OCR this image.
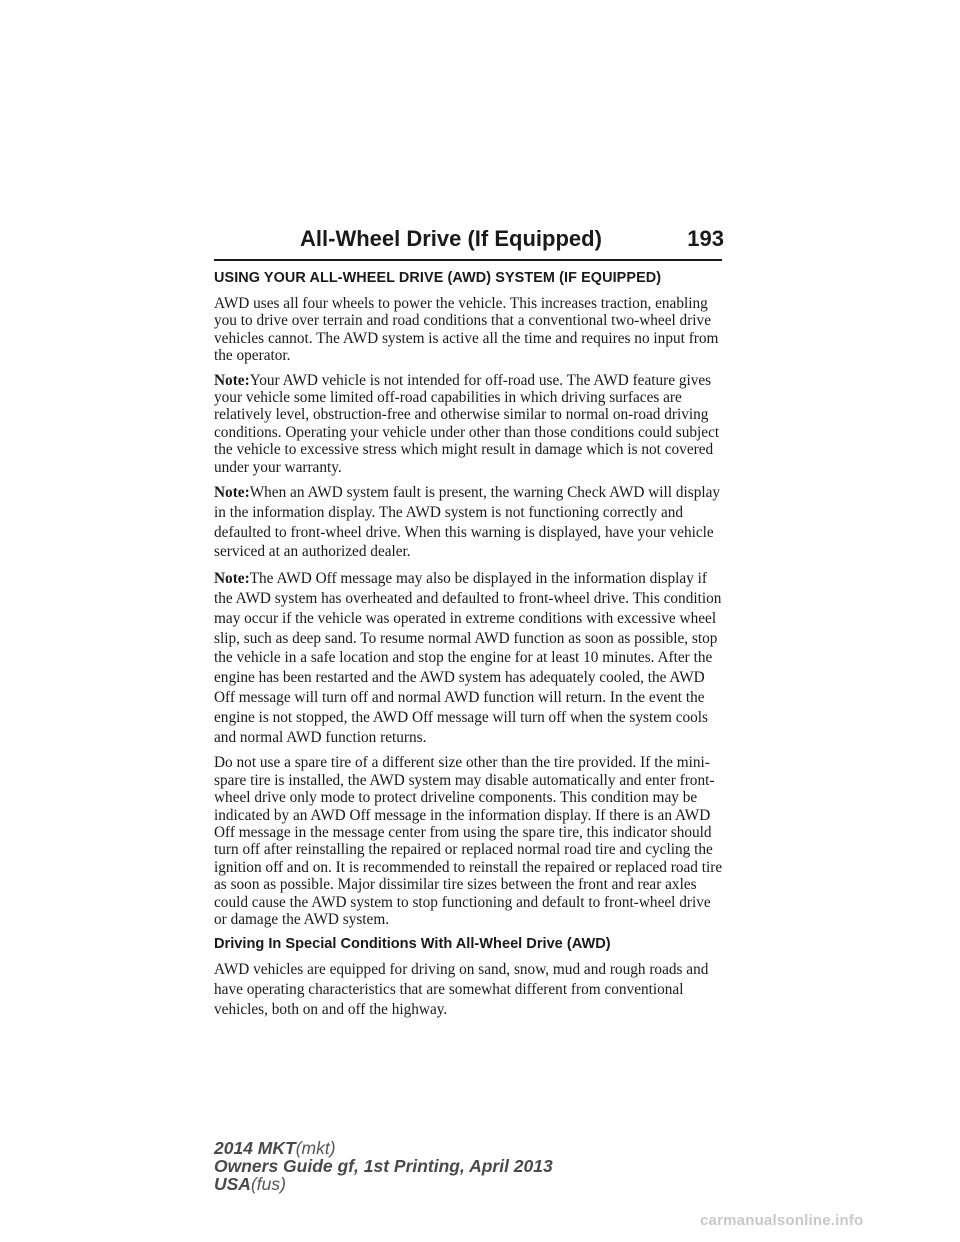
All-Wheel Drive (If Equipped)	193
USING YOUR ALL-WHEEL DRIVE (AWD) SYSTEM (IF EQUIPPED)

AWD uses all four wheels to power the vehicle. This increases traction, enabling you to drive over terrain and road conditions that a conventional two-wheel drive vehicles cannot. The AWD system is active all the time and requires no input from the operator.

Note:Your AWD vehicle is not intended for off-road use. The AWD feature gives your vehicle some limited off-road capabilities in which driving surfaces are relatively level, obstruction-free and otherwise similar to normal on-road driving conditions. Operating your vehicle under other than those conditions could subject the vehicle to excessive stress which might result in damage which is not covered under your warranty.

Note:When an AWD system fault is present, the warning Check AWD will display in the information display. The AWD system is not functioning correctly and defaulted to front-wheel drive. When this warning is displayed, have your vehicle serviced at an authorized dealer.

Note:The AWD Off message may also be displayed in the information display if the AWD system has overheated and defaulted to front-wheel drive. This condition may occur if the vehicle was operated in extreme conditions with excessive wheel slip, such as deep sand. To resume normal AWD function as soon as possible, stop the vehicle in a safe location and stop the engine for at least 10 minutes. After the engine has been restarted and the AWD system has adequately cooled, the AWD Off message will turn off and normal AWD function will return. In the event the engine is not stopped, the AWD Off message will turn off when the system cools and normal AWD function returns.

Do not use a spare tire of a different size other than the tire provided. If the mini-spare tire is installed, the AWD system may disable automatically and enter front-wheel drive only mode to protect driveline components. This condition may be indicated by an AWD Off message in the information display. If there is an AWD Off message in the message center from using the spare tire, this indicator should turn off after reinstalling the repaired or replaced normal road tire and cycling the ignition off and on. It is recommended to reinstall the repaired or replaced road tire as soon as possible. Major dissimilar tire sizes between the front and rear axles could cause the AWD system to stop functioning and default to front-wheel drive or damage the AWD system.

Driving In Special Conditions With All-Wheel Drive (AWD)

AWD vehicles are equipped for driving on sand, snow, mud and rough roads and have operating characteristics that are somewhat different from conventional vehicles, both on and off the highway.

2014 MKT(mkt)
Owners Guide gf, 1st Printing, April 2013
USA(fus)
carmanualsonline.info
